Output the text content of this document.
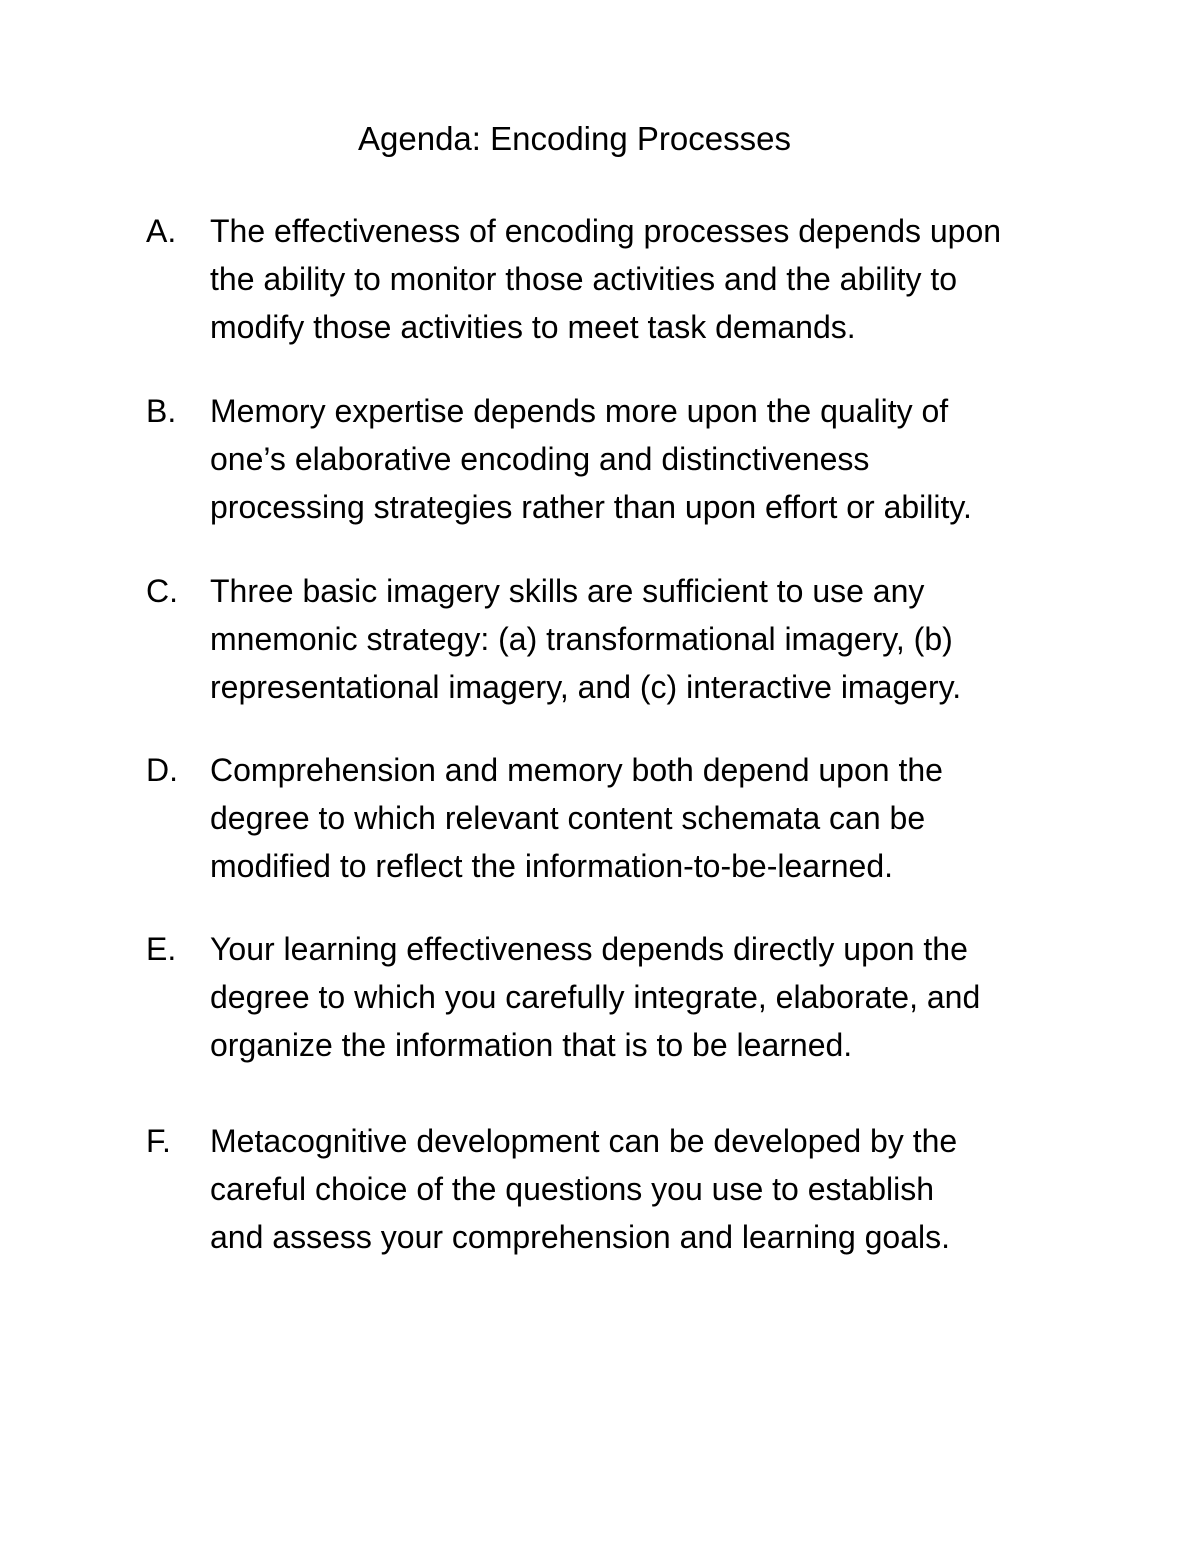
Agenda: Encoding Processes
A.	The effectiveness of encoding processes depends upon
the ability to monitor those activities and the ability to
modify those activities to meet task demands.
B.	Memory expertise depends more upon the quality of
one’s elaborative encoding and distinctiveness
processing strategies rather than upon effort or ability.
C.	Three basic imagery skills are sufficient to use any
mnemonic strategy: (a) transformational imagery, (b)
representational imagery, and (c) interactive imagery.
D.	Comprehension and memory both depend upon the
degree to which relevant content schemata can be
modified to reflect the information-to-be-learned.
E.	Your learning effectiveness depends directly upon the
degree to which you carefully integrate, elaborate, and
organize the information that is to be learned.
F.	Metacognitive development can be developed by the
careful choice of the questions you use to establish
and assess your comprehension and learning goals.
